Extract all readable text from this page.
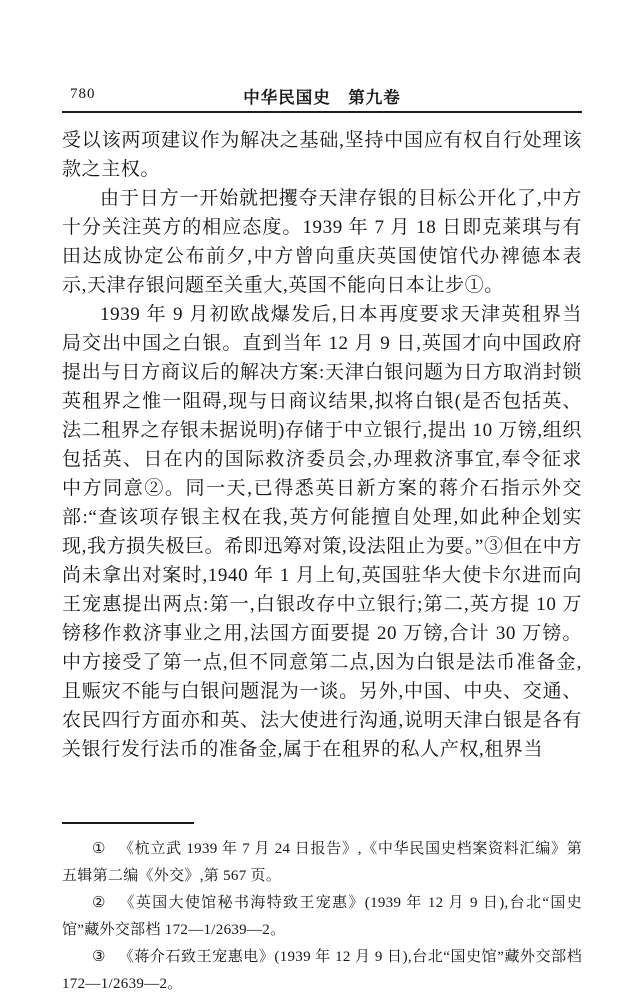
780	中华民国史　第九卷

受以该两项建议作为解决之基础,坚持中国应有权自行处理该款之主权。

由于日方一开始就把攫夺天津存银的目标公开化了,中方十分关注英方的相应态度。1939 年 7 月 18 日即克莱琪与有田达成协定公布前夕,中方曾向重庆英国使馆代办禆德本表示,天津存银问题至关重大,英国不能向日本让步①。

1939 年 9 月初欧战爆发后,日本再度要求天津英租界当局交出中国之白银。直到当年 12 月 9 日,英国才向中国政府提出与日方商议后的解决方案:天津白银问题为日方取消封锁英租界之惟一阻碍,现与日商议结果,拟将白银(是否包括英、法二租界之存银未据说明)存储于中立银行,提出 10 万镑,组织包括英、日在内的国际救济委员会,办理救济事宜,奉令征求中方同意②。同一天,已得悉英日新方案的蒋介石指示外交部:“查该项存银主权在我,英方何能擅自处理,如此种企划实现,我方损失极巨。希即迅筹对策,设法阻止为要。”③但在中方尚未拿出对案时,1940 年 1 月上旬,英国驻华大使卡尔进而向王宠惠提出两点:第一,白银改存中立银行;第二,英方提 10 万镑移作救济事业之用,法国方面要提 20 万镑,合计 30 万镑。中方接受了第一点,但不同意第二点,因为白银是法币准备金,且赈灾不能与白银问题混为一谈。另外,中国、中央、交通、农民四行方面亦和英、法大使进行沟通,说明天津白银是各有关银行发行法币的准备金,属于在租界的私人产权,租界当

① 《杭立武 1939 年 7 月 24 日报告》,《中华民国史档案资料汇编》第五辑第二编《外交》,第 567 页。

② 《英国大使馆秘书海特致王宠惠》(1939 年 12 月 9 日),台北“国史馆”藏外交部档 172—1/2639—2。

③ 《蒋介石致王宠惠电》(1939 年 12 月 9 日),台北“国史馆”藏外交部档 172—1/2639—2。
